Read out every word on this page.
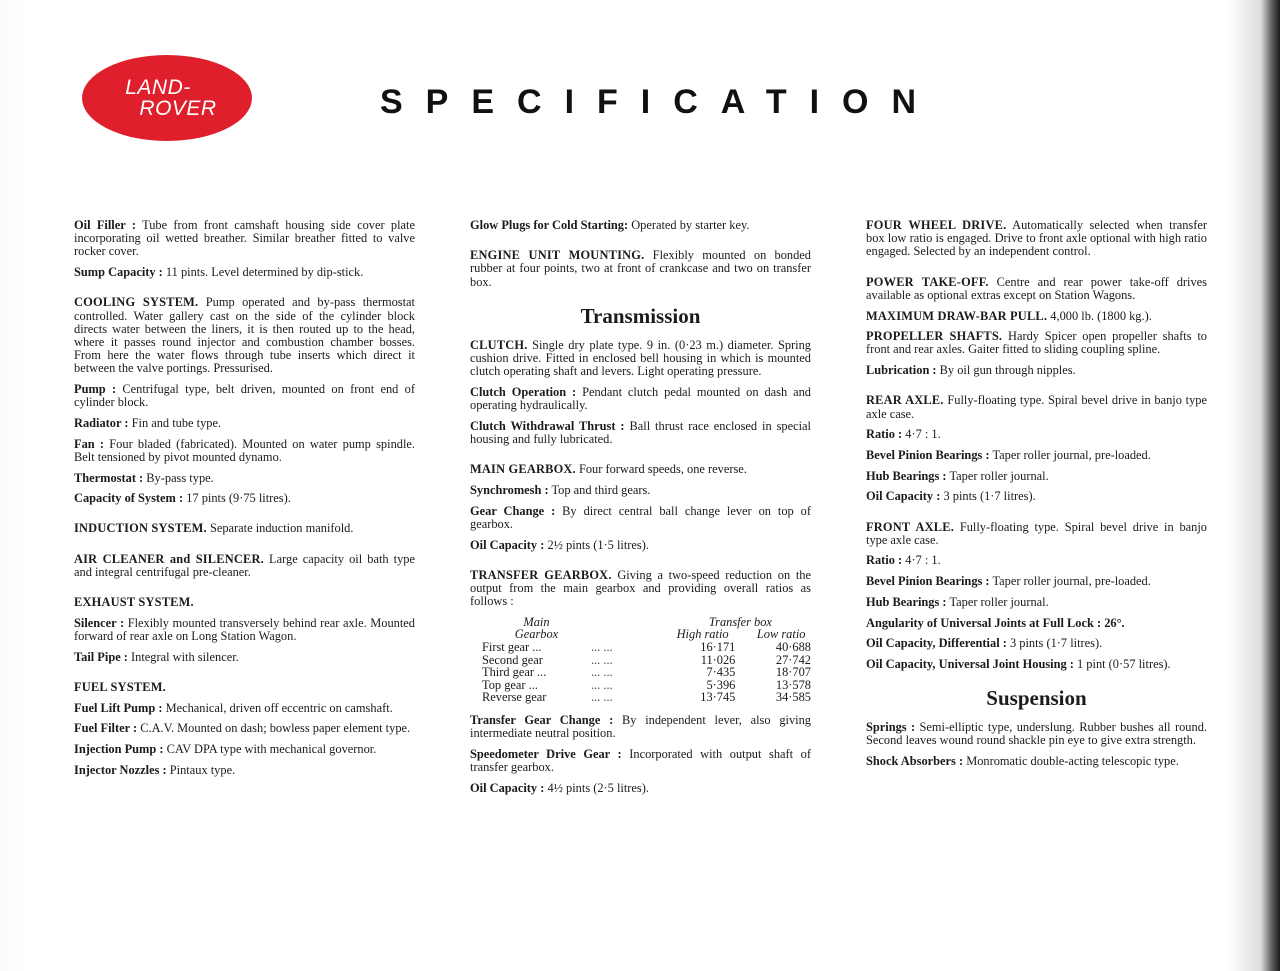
LAND-
ROVER	SPECIFICATION

Oil Filler : Tube from front camshaft housing side cover plate incorporating oil wetted breather. Similar breather fitted to valve rocker cover.

Sump Capacity : 11 pints. Level determined by dip-stick.

COOLING SYSTEM. Pump operated and by-pass thermostat controlled. Water gallery cast on the side of the cylinder block directs water between the liners, it is then routed up to the head, where it passes round injector and combustion chamber bosses. From here the water flows through tube inserts which direct it between the valve portings. Pressurised.

Pump : Centrifugal type, belt driven, mounted on front end of cylinder block.

Radiator : Fin and tube type.

Fan : Four bladed (fabricated). Mounted on water pump spindle. Belt tensioned by pivot mounted dynamo.

Thermostat : By-pass type.

Capacity of System : 17 pints (9·75 litres).

INDUCTION SYSTEM. Separate induction manifold.

AIR CLEANER and SILENCER. Large capacity oil bath type and integral centrifugal pre-cleaner.

EXHAUST SYSTEM.

Silencer : Flexibly mounted transversely behind rear axle. Mounted forward of rear axle on Long Station Wagon.

Tail Pipe : Integral with silencer.

FUEL SYSTEM.

Fuel Lift Pump : Mechanical, driven off eccentric on camshaft.

Fuel Filter : C.A.V. Mounted on dash; bowless paper element type.

Injection Pump : CAV DPA type with mechanical governor.

Injector Nozzles : Pintaux type.

Glow Plugs for Cold Starting: Operated by starter key.

ENGINE UNIT MOUNTING. Flexibly mounted on bonded rubber at four points, two at front of crankcase and two on transfer box.

Transmission

CLUTCH. Single dry plate type. 9 in. (0·23 m.) diameter. Spring cushion drive. Fitted in enclosed bell housing in which is mounted clutch operating shaft and levers. Light operating pressure.

Clutch Operation : Pendant clutch pedal mounted on dash and operating hydraulically.

Clutch Withdrawal Thrust : Ball thrust race enclosed in special housing and fully lubricated.

MAIN GEARBOX. Four forward speeds, one reverse.

Synchromesh : Top and third gears.

Gear Change : By direct central ball change lever on top of gearbox.

Oil Capacity : 2½ pints (1·5 litres).

TRANSFER GEARBOX. Giving a two-speed reduction on the output from the main gearbox and providing overall ratios as follows :

Main		Transfer box	
Gearbox		High ratio	Low ratio
First gear ...	... ...	16·171	40·688
Second gear	... ...	11·026	27·742
Third gear ...	... ...	7·435	18·707
Top gear ...	... ...	5·396	13·578
Reverse gear	... ...	13·745	34·585

Transfer Gear Change : By independent lever, also giving intermediate neutral position.

Speedometer Drive Gear : Incorporated with output shaft of transfer gearbox.

Oil Capacity : 4½ pints (2·5 litres).

FOUR WHEEL DRIVE. Automatically selected when transfer box low ratio is engaged. Drive to front axle optional with high ratio engaged. Selected by an independent control.

POWER TAKE-OFF. Centre and rear power take-off drives available as optional extras except on Station Wagons.

MAXIMUM DRAW-BAR PULL. 4,000 lb. (1800 kg.).

PROPELLER SHAFTS. Hardy Spicer open propeller shafts to front and rear axles. Gaiter fitted to sliding coupling spline.

Lubrication : By oil gun through nipples.

REAR AXLE. Fully-floating type. Spiral bevel drive in banjo type axle case.

Ratio : 4·7 : 1.

Bevel Pinion Bearings : Taper roller journal, pre-loaded.

Hub Bearings : Taper roller journal.

Oil Capacity : 3 pints (1·7 litres).

FRONT AXLE. Fully-floating type. Spiral bevel drive in banjo type axle case.

Ratio : 4·7 : 1.

Bevel Pinion Bearings : Taper roller journal, pre-loaded.

Hub Bearings : Taper roller journal.

Angularity of Universal Joints at Full Lock : 26°.

Oil Capacity, Differential : 3 pints (1·7 litres).

Oil Capacity, Universal Joint Housing : 1 pint (0·57 litres).

Suspension

Springs : Semi-elliptic type, underslung. Rubber bushes all round. Second leaves wound round shackle pin eye to give extra strength.

Shock Absorbers : Monromatic double-acting telescopic type.
